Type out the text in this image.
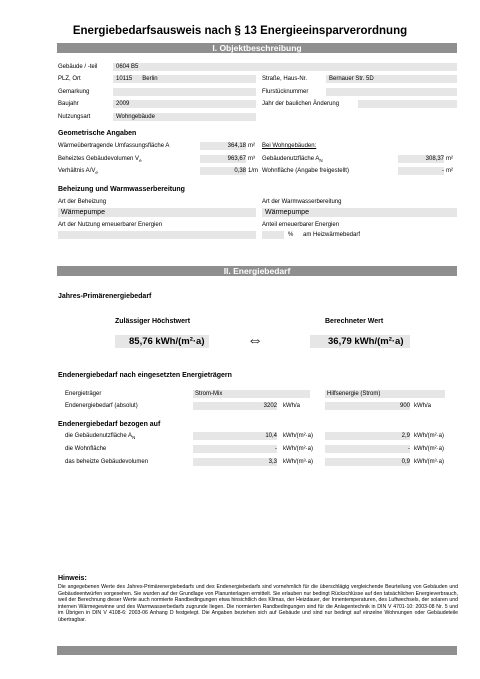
Energiebedarfsausweis nach § 13 Energieeinsparverordnung
I. Objektbeschreibung
Gebäude / -teil	0604 B5
PLZ, Ort	10115 Berlin	Straße, Haus-Nr.	Bernauer Str. 5D
Gemarkung	Flurstücknummer
Baujahr	2009	Jahr der baulichen Änderung
Nutzungsart	Wohngebäude
Geometrische Angaben
Wärmeübertragende Umfassungsfläche A	364,18 m² Bei Wohngebäuden:
Beheiztes Gebäudevolumen $V_e$	963,67 m³ Gebäudenutzfläche $A_N$	308,37 m²
Verhältnis $A/V_e$	0,38 1/m Wohnfläche (Angabe freigestellt)	- m²
Beheizung und Warmwasserbereitung
Art der Beheizung	Art der Warmwasserbereitung
Wärmepumpe	Wärmepumpe
Art der Nutzung erneuerbarer Energien	Anteil erneuerbarer Energien
% am Heizwärmebedarf
II. Energiebedarf
Jahres-Primärenergiebedarf
Zulässiger Höchstwert	Berechneter Wert
85,76 kWh/(m²·a)	⇔	36,79 kWh/(m²·a)
Endenergiebedarf nach eingesetzten Energieträgern
Energieträger	Strom-Mix	Hilfsenergie (Strom)
Endenergiebedarf (absolut)	3202 kWh/a	900 kWh/a
Endenergiebedarf bezogen auf
die Gebäudenutzfläche $A_N$	10,4 kWh/(m²·a)	2,9 kWh/(m²·a)
die Wohnfläche	- kWh/(m²·a)	- kWh/(m²·a)
das beheizte Gebäudevolumen	3,3 kWh/(m³·a)	0,9 kWh/(m³·a)
Hinweis:
Die angegebenen Werte des Jahres-Primärenergiebedarfs und des Endenergiebedarfs sind vornehmlich für die überschlägig vergleichende Beurteilung von Gebäuden und Gebäudeentwürfen vorgesehen. Sie wurden auf der Grundlage von Planunterlagen ermittelt. Sie erlauben nur bedingt Rückschlüsse auf den tatsächlichen Energieverbrauch, weil der Berechnung dieser Werte auch normierte Randbedingungen etwa hinsichtlich des Klimas, der Heizdauer, der Innentemperaturen, des Luftwechsels, der solaren und internen Wärmegewinne und des Warmwasserbedarfs zugrunde liegen. Die normierten Randbedingungen sind für die Anlagentechnik in DIN V 4701-10: 2003-08 Nr. 5 und im Übrigen in DIN V 4108-6: 2003-06 Anhang D festgelegt. Die Angaben beziehen sich auf Gebäude und sind nur bedingt auf einzelne Wohnungen oder Gebäudeteile übertragbar.
